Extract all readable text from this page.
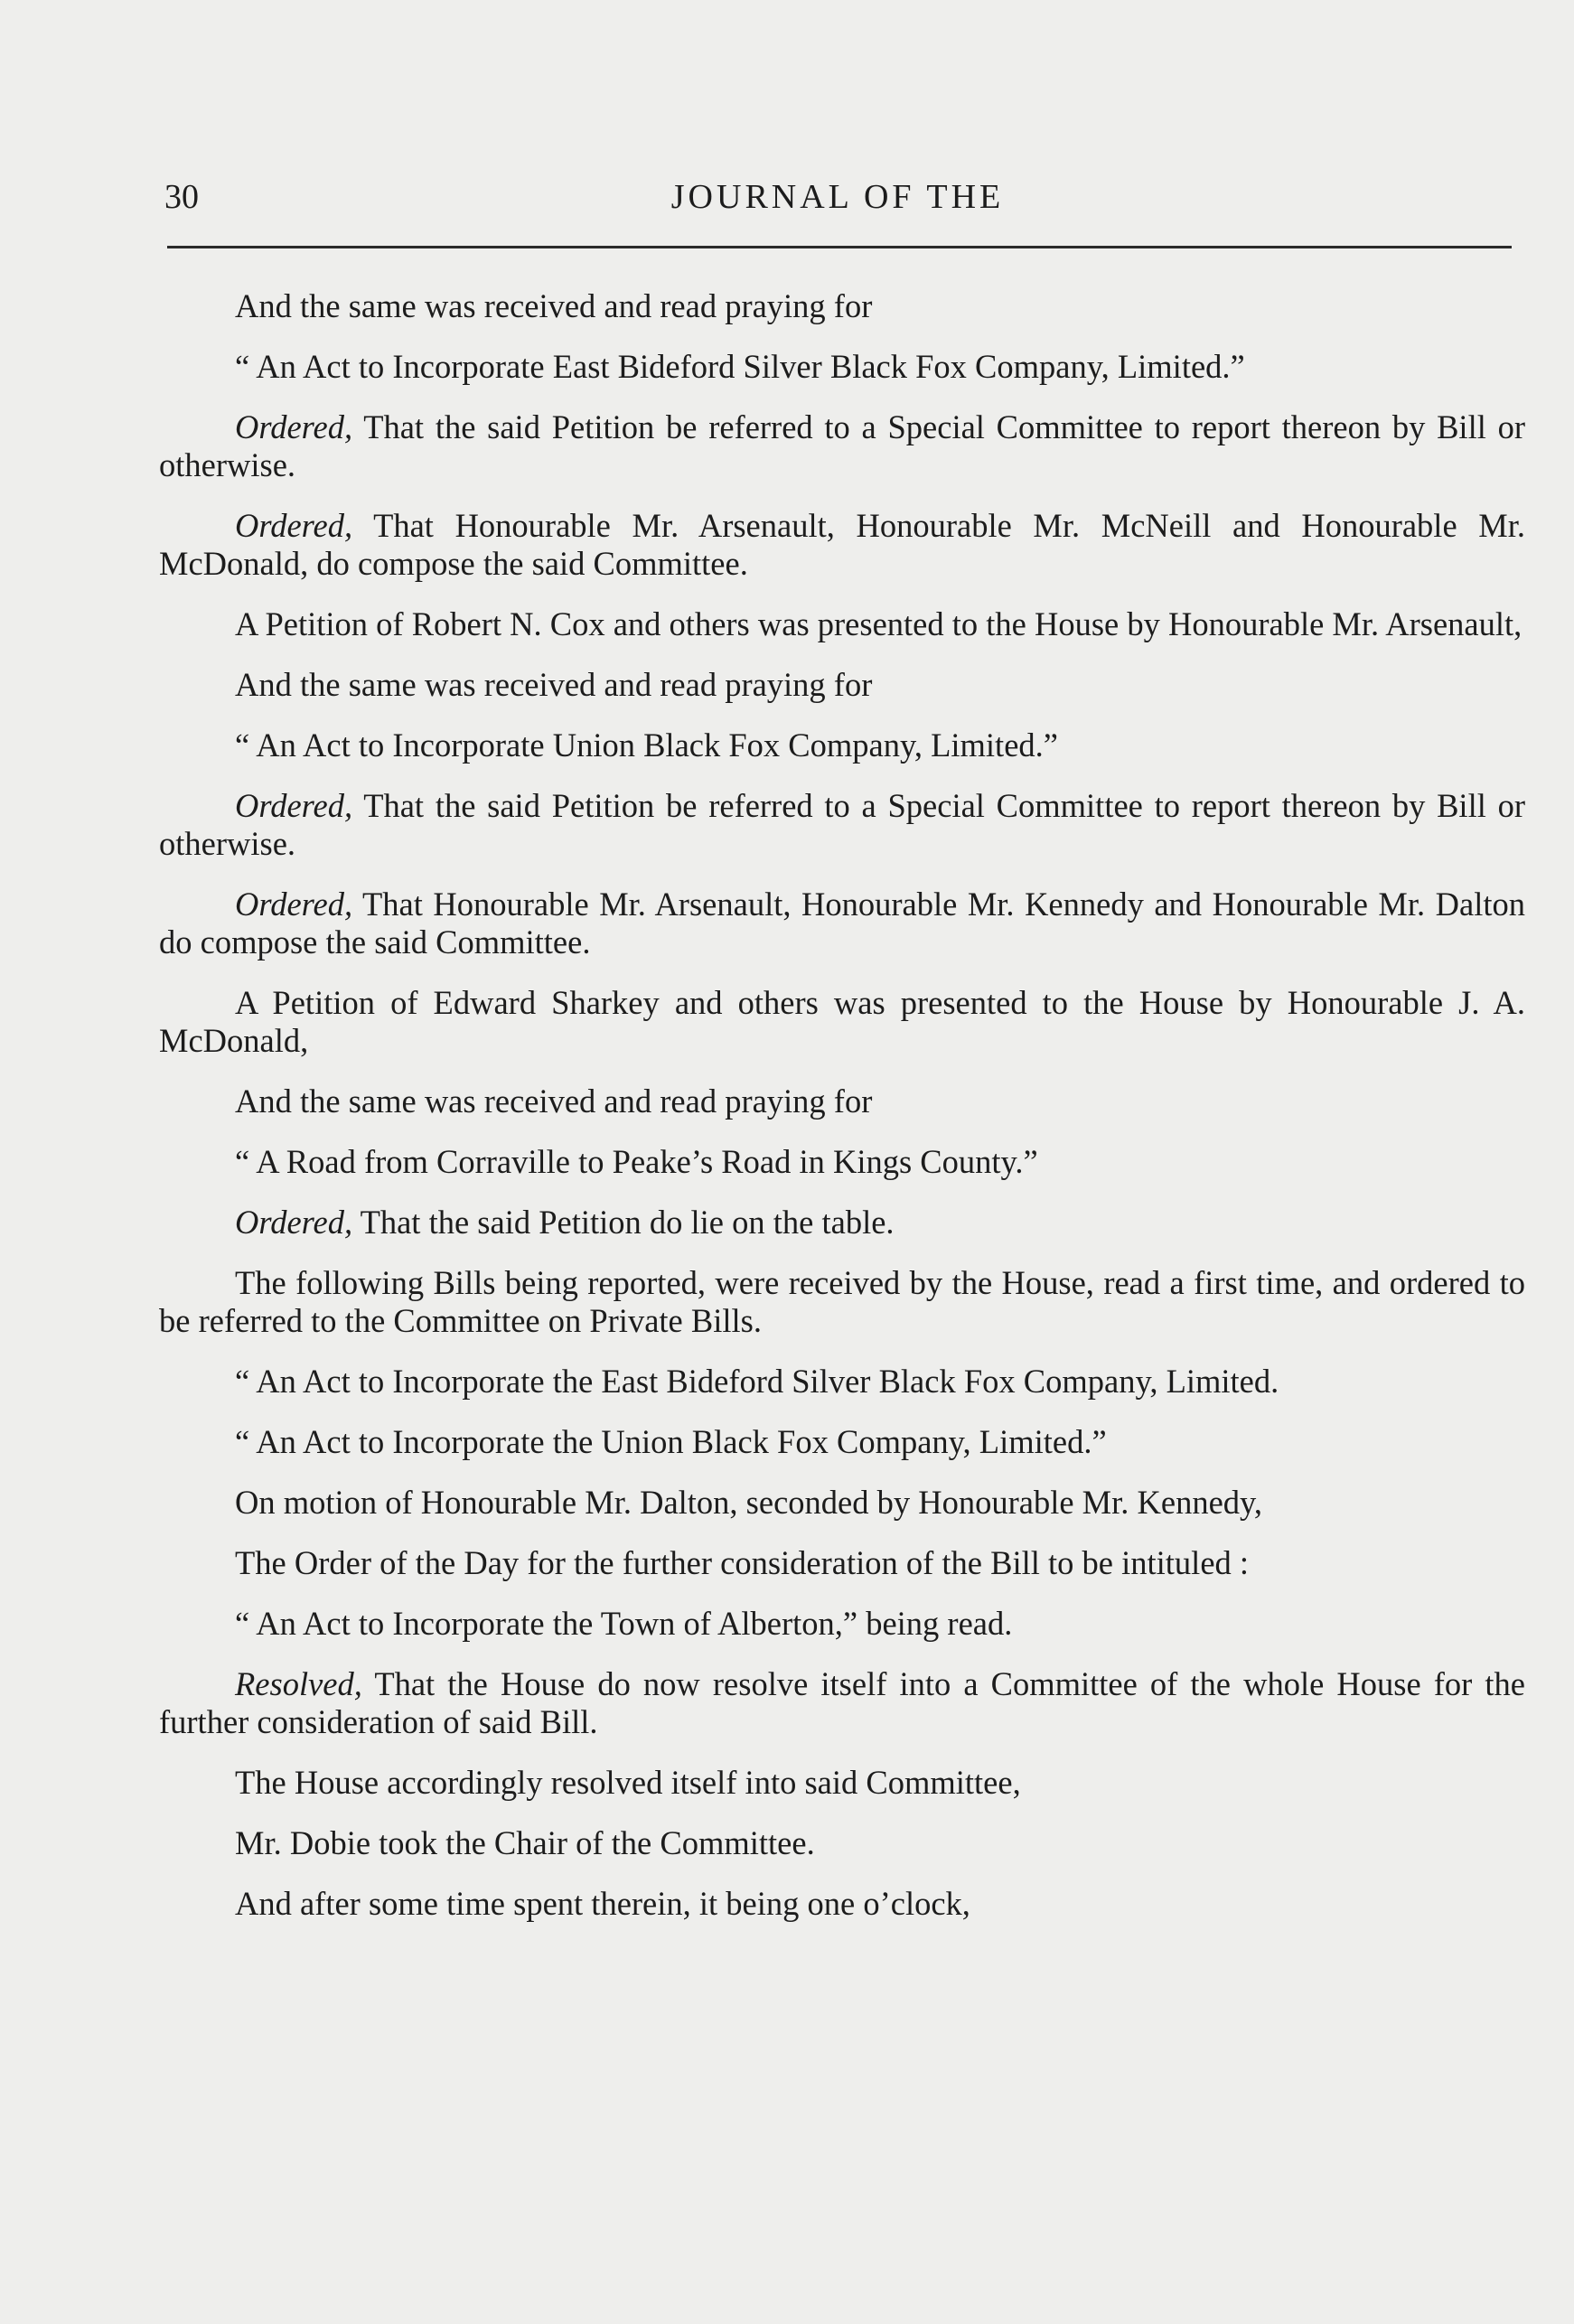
30	JOURNAL OF THE

And the same was received and read praying for

“ An Act to Incorporate East Bideford Silver Black Fox Company, Limited.”

Ordered, That the said Petition be referred to a Special Committee to report thereon by Bill or otherwise.

Ordered, That Honourable Mr. Arsenault, Honourable Mr. McNeill and Honourable Mr. McDonald, do compose the said Committee.

A Petition of Robert N. Cox and others was presented to the House by Honourable Mr. Arsenault,

And the same was received and read praying for

“ An Act to Incorporate Union Black Fox Company, Limited.”

Ordered, That the said Petition be referred to a Special Committee to report thereon by Bill or otherwise.

Ordered, That Honourable Mr. Arsenault, Honourable Mr. Kennedy and Honourable Mr. Dalton do compose the said Committee.

A Petition of Edward Sharkey and others was presented to the House by Honourable J. A. McDonald,

And the same was received and read praying for

“ A Road from Corraville to Peake’s Road in Kings County.”

Ordered, That the said Petition do lie on the table.

The following Bills being reported, were received by the House, read a first time, and ordered to be referred to the Committee on Private Bills.

“ An Act to Incorporate the East Bideford Silver Black Fox Company, Limited.

“ An Act to Incorporate the Union Black Fox Company, Limited.”

On motion of Honourable Mr. Dalton, seconded by Honourable Mr. Kennedy,

The Order of the Day for the further consideration of the Bill to be intituled :

“ An Act to Incorporate the Town of Alberton,” being read.

Resolved, That the House do now resolve itself into a Committee of the whole House for the further consideration of said Bill.

The House accordingly resolved itself into said Committee,

Mr. Dobie took the Chair of the Committee.

And after some time spent therein, it being one o’clock,
